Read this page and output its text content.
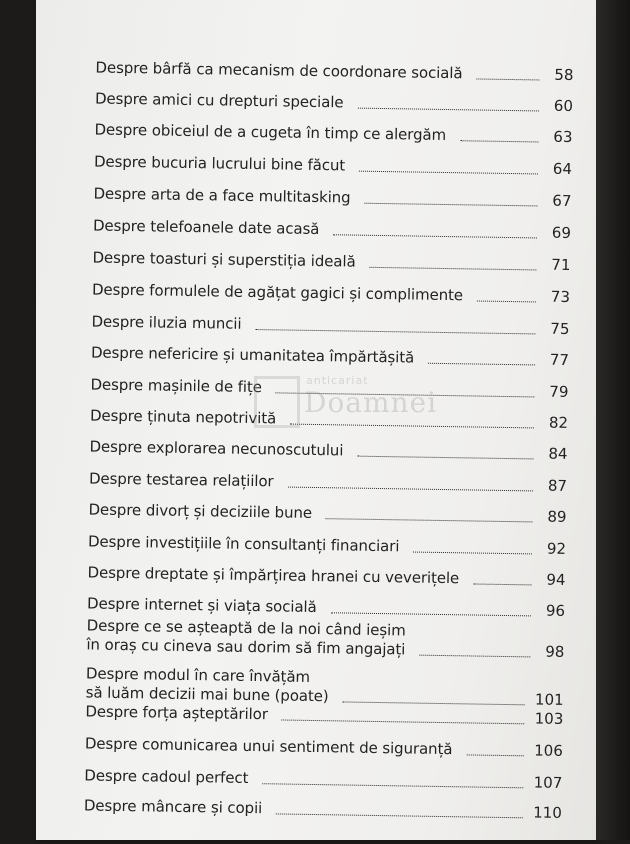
Despre bârfă ca mecanism de coordonare socială	58
Despre amici cu drepturi speciale	60
Despre obiceiul de a cugeta în timp ce alergăm	63
Despre bucuria lucrului bine făcut	64
Despre arta de a face multitasking	67
Despre telefoanele date acasă	69
Despre toasturi și superstiția ideală	71
Despre formulele de agățat gagici și complimente	73
Despre iluzia muncii	75
Despre nefericire și umanitatea împărtășită	77
Despre mașinile de fițe	79
Despre ținuta nepotrivită	82
Despre explorarea necunoscutului	84
Despre testarea relațiilor	87
Despre divorț și deciziile bune	89
Despre investițiile în consultanți financiari	92
Despre dreptate și împărțirea hranei cu veverițele	94
Despre internet și viața socială	96
Despre ce se așteaptă de la noi când ieșim
în oraș cu cineva sau dorim să fim angajați	98
Despre modul în care învățăm
să luăm decizii mai bune (poate)	101
Despre forța așteptărilor	103
Despre comunicarea unui sentiment de siguranță	106
Despre cadoul perfect	107
Despre mâncare și copii	110
anticariat
Doamnei
